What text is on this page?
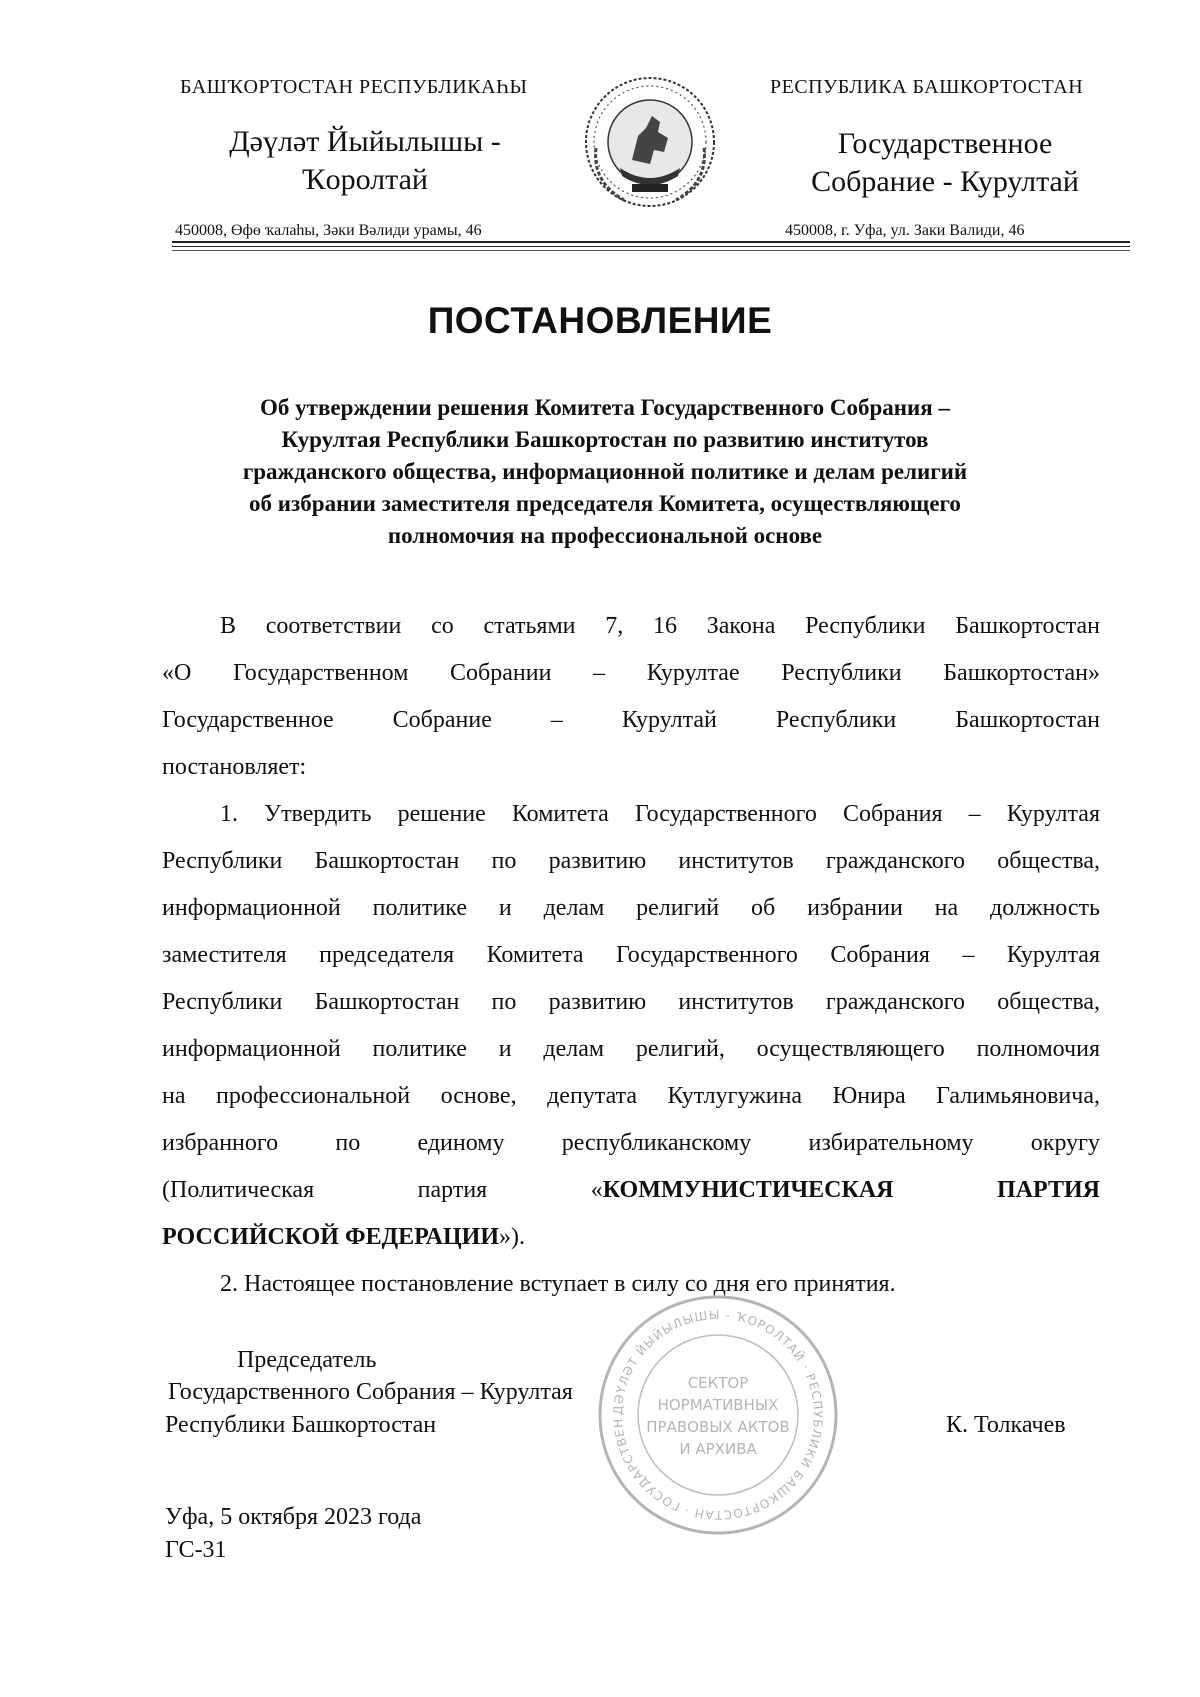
БАШҠОРТОСТАН РЕСПУБЛИКАҺЫ	РЕСПУБЛИКА БАШКОРТОСТАН
Дәүләт Йыйылышы -
Ҡоролтай
Государственное
Собрание - Курултай
450008, Өфө ҡалаһы, Зәки Вәлиди урамы, 46	450008, г. Уфа, ул. Заки Валиди, 46
ПОСТАНОВЛЕНИЕ
Об утверждении решения Комитета Государственного Собрания –
Курултая Республики Башкортостан по развитию институтов
гражданского общества, информационной политике и делам религий
об избрании заместителя председателя Комитета, осуществляющего
полномочия на профессиональной основе
В соответствии со статьями 7, 16 Закона Республики Башкортостан
«О Государственном Собрании – Курултае Республики Башкортостан»
Государственное Собрание – Курултай Республики Башкортостан
постановляет:
1. Утвердить решение Комитета Государственного Собрания – Курултая
Республики Башкортостан по развитию институтов гражданского общества,
информационной политике и делам религий об избрании на должность
заместителя председателя Комитета Государственного Собрания – Курултая
Республики Башкортостан по развитию институтов гражданского общества,
информационной политике и делам религий, осуществляющего полномочия
на профессиональной основе, депутата Кутлугужина Юнира Галимьяновича,
избранного по единому республиканскому избирательному округу
(Политическая партия «КОММУНИСТИЧЕСКАЯ ПАРТИЯ
РОССИЙСКОЙ ФЕДЕРАЦИИ»).
2. Настоящее постановление вступает в силу со дня его принятия.
ДӘҮЛӘТ ЙЫЙЫЛЫШЫ - ҠОРОЛТАЙ · РЕСПУБЛИКИ БАШКОРТОСТАН · ГОСУДАРСТВЕН
СЕКТОР
НОРМАТИВНЫХ
ПРАВОВЫХ АКТОВ
И АРХИВА
Председатель
Государственного Собрания – Курултая
Республики Башкортостан	К. Толкачев
Уфа, 5 октября 2023 года
ГС-31
